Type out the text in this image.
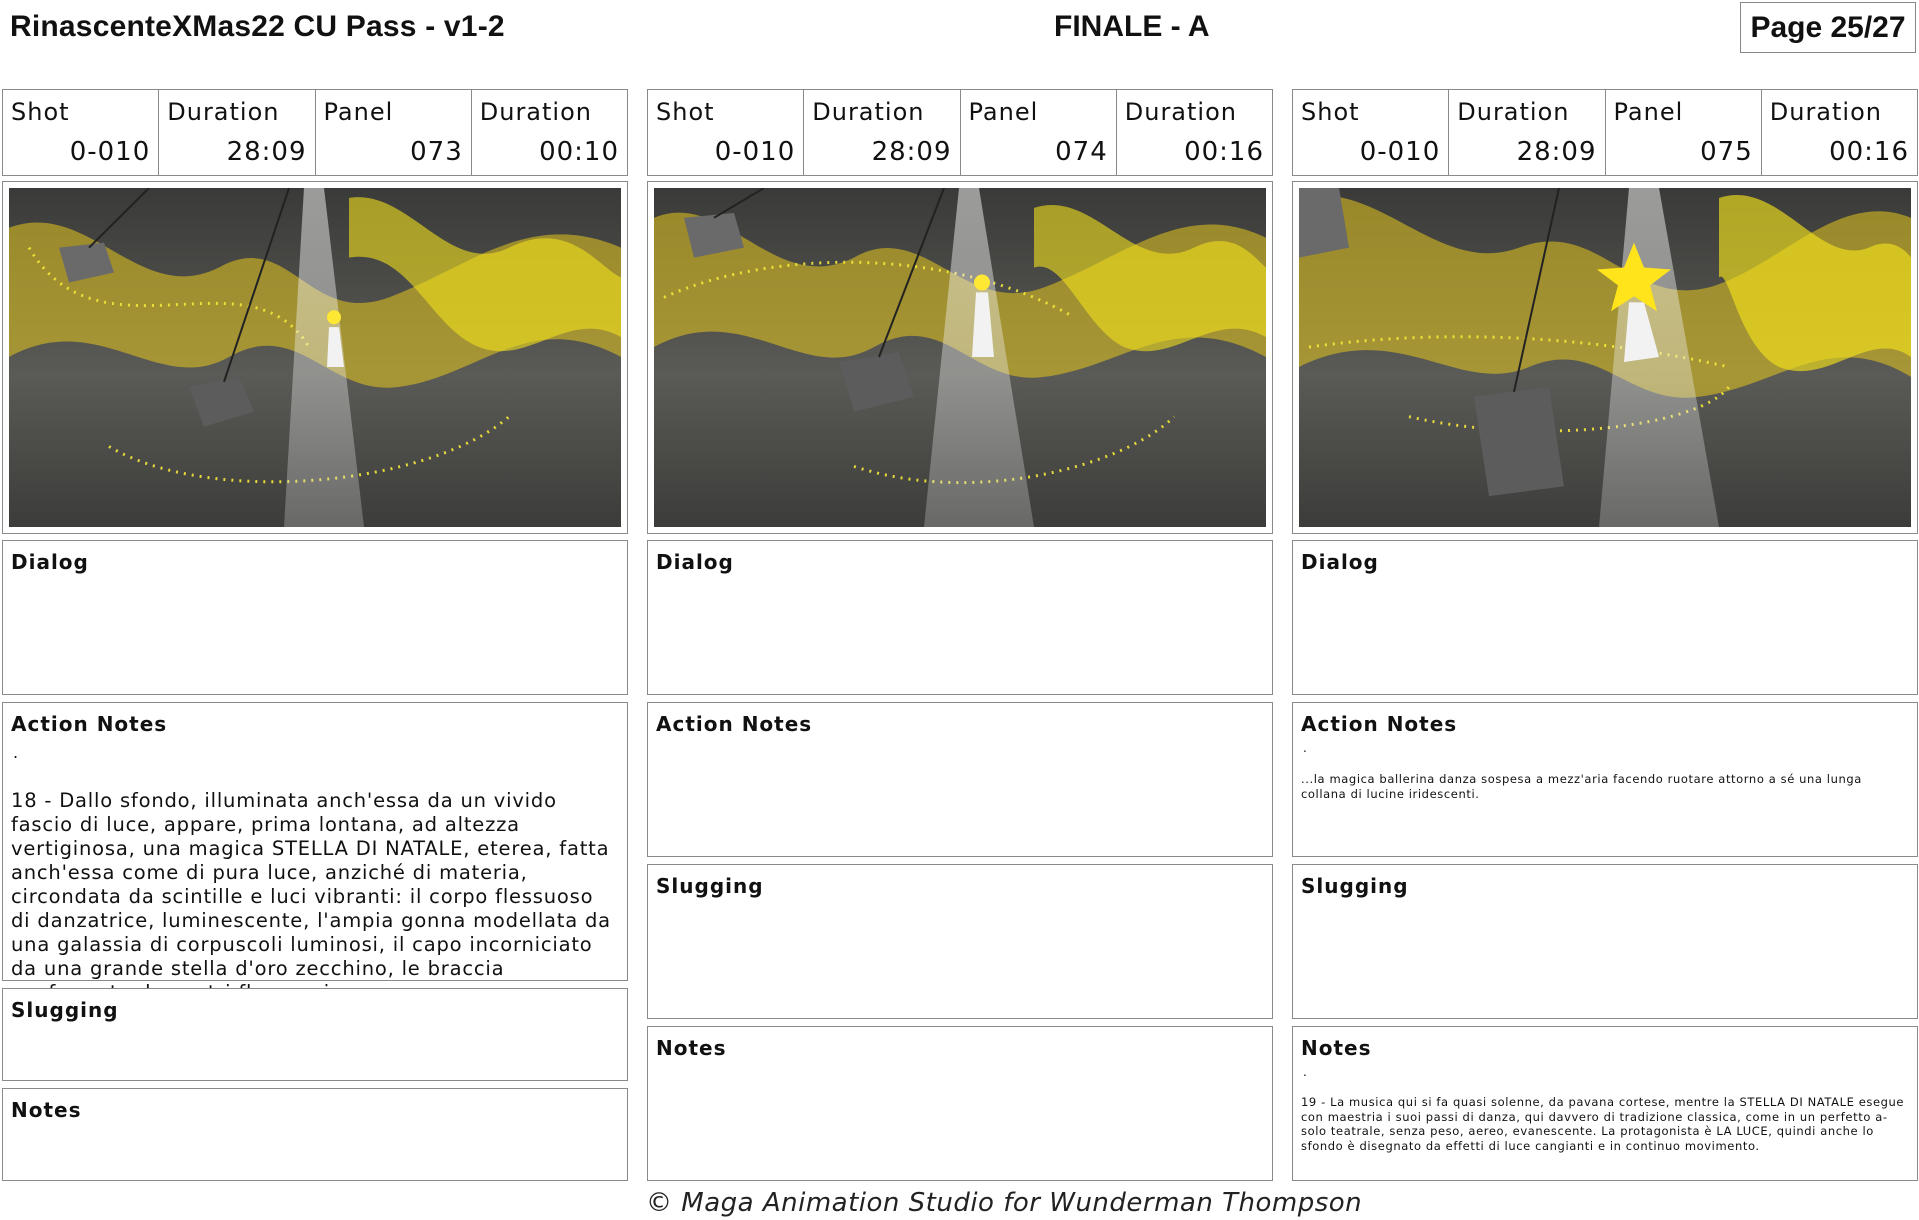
RinascenteXMas22 CU Pass - v1-2	FINALE - A	Page 25/27
Shot
0-010
Duration
28:09
Panel
073
Duration
00:10
Dialog
Action Notes
.
18 - Dallo sfondo, illuminata anch'essa da un vivido fascio di luce, appare, prima lontana, ad altezza vertiginosa, una magica STELLA DI NATALE, eterea, fatta anch'essa come di pura luce, anziché di materia, circondata da scintille e luci vibranti: il corpo flessuoso di danzatrice, luminescente, l'ampia gonna modellata da una galassia di corpuscoli luminosi, il capo incorniciato da una grande stella d'oro zecchino, le braccia
Slugging
Notes
Shot
0-010
Duration
28:09
Panel
074
Duration
00:16
Dialog
Action Notes
Slugging
Notes
Shot
0-010
Duration
28:09
Panel
075
Duration
00:16
Dialog
Action Notes
.
...la magica ballerina danza sospesa a mezz'aria facendo ruotare attorno a sé una lunga collana di lucine iridescenti.
Slugging
Notes
.
19 - La musica qui si fa quasi solenne, da pavana cortese, mentre la STELLA DI NATALE esegue con maestria i suoi passi di danza, qui davvero di tradizione classica, come in un perfetto a-solo teatrale, senza peso, aereo, evanescente. La protagonista è LA LUCE, quindi anche lo sfondo è disegnato da effetti di luce cangianti e in continuo movimento.
© Maga Animation Studio for Wunderman Thompson
